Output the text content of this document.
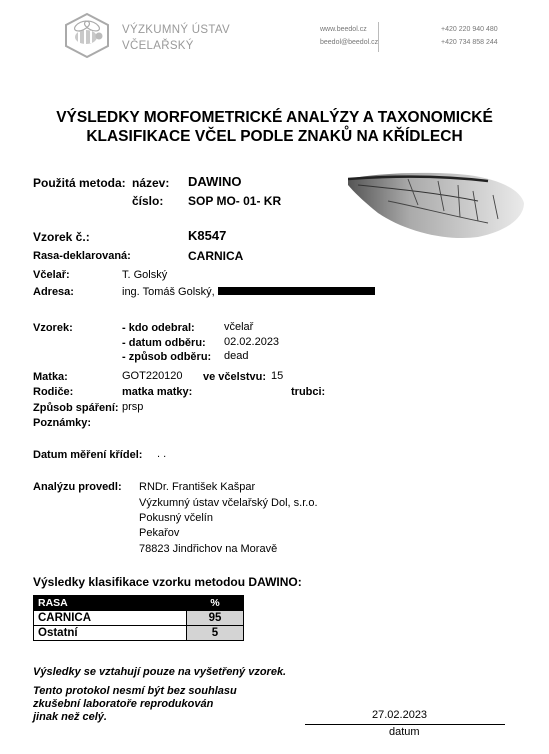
VÝZKUMNÝ ÚSTAV
VČELAŘSKÝ
www.beedol.cz
beedol@beedol.cz
+420 220 940 480
+420 734 858 244
VÝSLEDKY MORFOMETRICKÉ ANALÝZY A TAXONOMICKÉ
KLASIFIKACE VČEL PODLE ZNAKŮ NA KŘÍDLECH
Použitá metoda: název: DAWINO
číslo: SOP MO- 01- KR
Vzorek č.:	K8547
Rasa-deklarovaná:	CARNICA
Včelař:	T. Golský
Adresa:	ing. Tomáš Golský,
Vzorek:	- kdo odebral:	včelař
- datum odběru: 02.02.2023
- způsob odběru: dead
Matka:	GOT220120 ve včelstvu: 15
Rodiče:	matka matky:	trubci:
Způsob spáření: prsp
Poznámky:
Datum měření křídel: . .
Analýzu provedl: RNDr. František Kašpar
Výzkumný ústav včelařský Dol, s.r.o.
Pokusný včelín
Pekařov
78823 Jindřichov na Moravě
Výsledky klasifikace vzorku metodou DAWINO:
RASA	%
CARNICA	95
Ostatní	5
Výsledky se vztahují pouze na vyšetřený vzorek.
Tento protokol nesmí být bez souhlasu
zkušební laboratoře reprodukován
jinak než celý.	27.02.2023
datum
